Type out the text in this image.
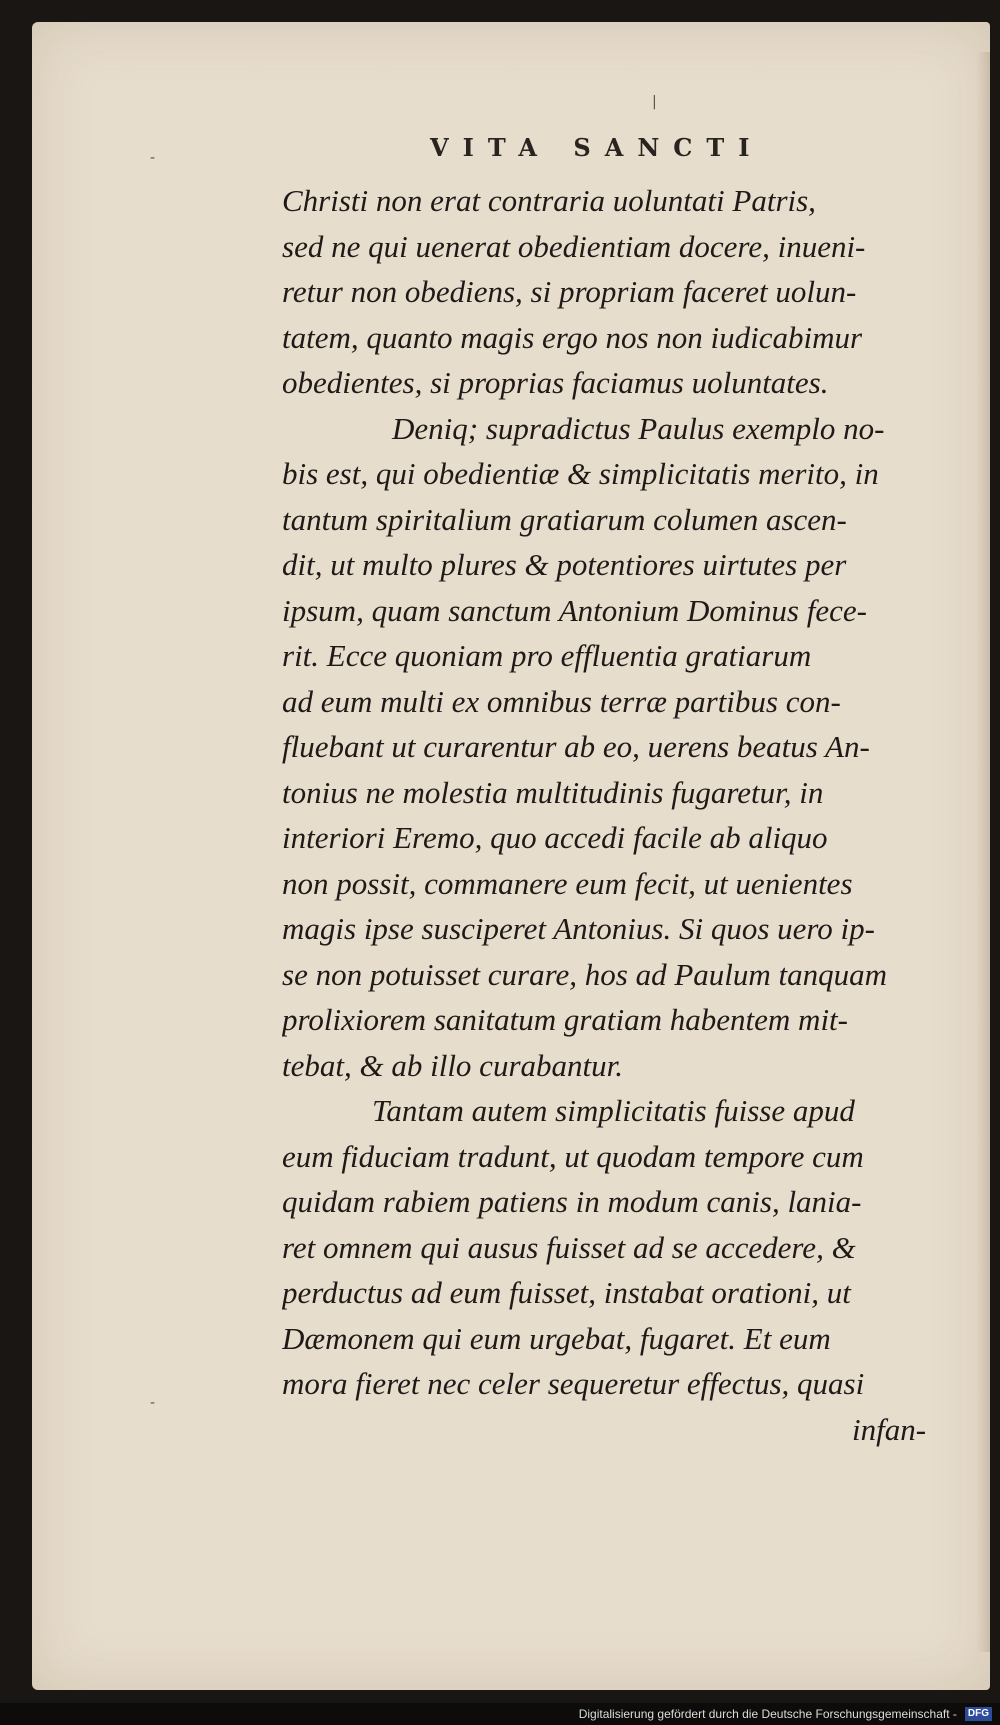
|
-
-
VITA SANCTI
Christi non erat contraria uoluntati Patris,
sed ne qui uenerat obedientiam docere, inueni-
retur non obediens, si propriam faceret uolun-
tatem, quanto magis ergo nos non iudicabimur
obedientes, si proprias faciamus uoluntates.
Deniq; supradictus Paulus exemplo no-
bis est, qui obedientiæ & simplicitatis merito, in
tantum spiritalium gratiarum columen ascen-
dit, ut multo plures & potentiores uirtutes per
ipsum, quam sanctum Antonium Dominus fece-
rit. Ecce quoniam pro effluentia gratiarum
ad eum multi ex omnibus terræ partibus con-
fluebant ut curarentur ab eo, uerens beatus An-
tonius ne molestia multitudinis fugaretur, in
interiori Eremo, quo accedi facile ab aliquo
non possit, commanere eum fecit, ut uenientes
magis ipse susciperet Antonius. Si quos uero ip-
se non potuisset curare, hos ad Paulum tanquam
prolixiorem sanitatum gratiam habentem mit-
tebat, & ab illo curabantur.
Tantam autem simplicitatis fuisse apud
eum fiduciam tradunt, ut quodam tempore cum
quidam rabiem patiens in modum canis, lania-
ret omnem qui ausus fuisset ad se accedere, &
perductus ad eum fuisset, instabat orationi, ut
Dæmonem qui eum urgebat, fugaret. Et eum
mora fieret nec celer sequeretur effectus, quasi
infan-
Digitalisierung gefördert durch die Deutsche Forschungsgemeinschaft - DFG
